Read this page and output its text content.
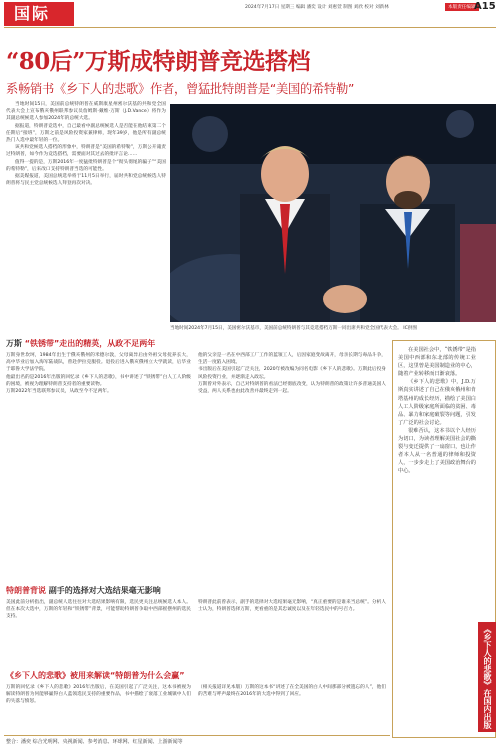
国际	2024年7月17日 星期三 编辑 潘奕 设计 刘惠萱 制图 刘欣 校对 刘新林	本版责任编辑
A15
“80后”万斯成特朗普竞选搭档
系畅销书《乡下人的悲歌》作者，曾猛批特朗普是“美国的希特勒”

当地时间15日，美国前总统特朗普在威斯康星州密尔沃基的共和党全国代表大会上宣布俄亥俄州联邦参议员詹姆斯·戴维·万斯（J.D.Vance）将作为其副总统候选人参加2024年的总统大选。

据报道，特朗普竞选中，自己最看中副总统候选人是否能在他结束第二个任期后“接班”，万斯之前是风险投资家兼律师，现年39岁，他是所有副总统热门人选中最年轻的一位。

该共和党候选人搭档的形象中，特朗普是“美国的希特勒”，万斯公开谴责过特朗普，如今作为竞选搭档，需要面对其过去的批评言论……

值得一提的是，万斯2016年一度猛批特朗普是个“彻头彻尾的骗子”“美国的希特勒”，后来改口支持特朗普当选的可能性。

据美媒报道，美国总统选举将于11月5日举行，届时共和党总统候选人特朗普将与民主党总统候选人拜登再次对决。

当地时间2024年7月15日，美国密尔沃基市，美国前总统特朗普与其竞选搭档万斯一同出席共和党全国代表大会。 IC供图
万斯 “铁锈带”走出的精英，从政不足两年

万斯身世坎坷，1984年出生于俄亥俄州的米德尔敦，父母离异后由外祖父母抚养长大，高中毕业后加入海军陆战队，曾赴伊拉克服役。退役后进入俄亥俄州立大学就读，后毕业于耶鲁大学法学院。

他最出名的是2016年出版的回忆录《乡下人的悲歌》，书中讲述了“铁锈带”白人工人阶级的困境，被视为理解特朗普支持者的重要读物。

万斯2022年当选联邦参议员，从政至今不足两年。

他的父亲是一名在中西部工厂工作的蓝领工人，后因家庭变故离开，母亲长期与毒品斗争，生活一度陷入困境。

书出版后在美国引起广泛关注，2020年被改编为同名电影《乡下人的悲歌》。万斯此后投身风险投资行业，并逐渐走入政坛。

万斯曾对外表示，自己对特朗普的看法已经彻底改变，认为特朗普的政策让许多普通美国人受益，两人关系也由此改善并最终走到一起。

特朗普背说 副手的选择对大选结果毫无影响

美国此前分析指出，副总统人选往往对大选结果影响有限，选民更关注总统候选人本人。但在本次大选中，万斯的年轻和“铁锈带”背景，可能帮助特朗普争取中西部摇摆州的选民支持。

特朗普此前曾表示，副手的选择对大选结果毫无影响，“真正重要的是谁来当总统”。分析人士认为，特朗普选择万斯，更看重的是其忠诚度以及在年轻选民中的号召力。

《乡下人的悲歌》被用来解读“特朗普为什么会赢”

万斯的回忆录《乡下人的悲歌》2016年出版后，在美国引起了广泛关注，这本书被视为解读特朗普为何能够赢得白人蓝领选民支持的重要作品，书中描绘了衰落工业城镇中人们的失落与愤怒。

（相关报道详见本版）万斯的这本书“讲述了在全美国的白人中间那部分被遗忘的人”，他们的苦难与呼声最终在2016年的大选中得到了回应。

在美国社会中，“铁锈带”是指美国中西部和东北部的传统工业区，这里曾是美国制造业的中心，随着产业转移而日渐衰落。

《乡下人的悲歌》中，J.D.万斯真实讲述了自己在俄亥俄州和肯塔基州的成长经历，描绘了美国白人工人阶级家庭所面临的贫困、毒品、暴力和家庭破裂等问题，引发了广泛的社会讨论。

很难否认，这本书以个人经历为切口，为读者理解美国社会的撕裂与变迁提供了一扇窗口，也让作者本人从一名普通的律师和投资人，一步步走上了美国政治舞台的中心。

《乡下人的悲歌》在国内出版
整合：潘奕 综合光明网、央视新闻、参考消息、环球网、红星新闻、上游新闻等
